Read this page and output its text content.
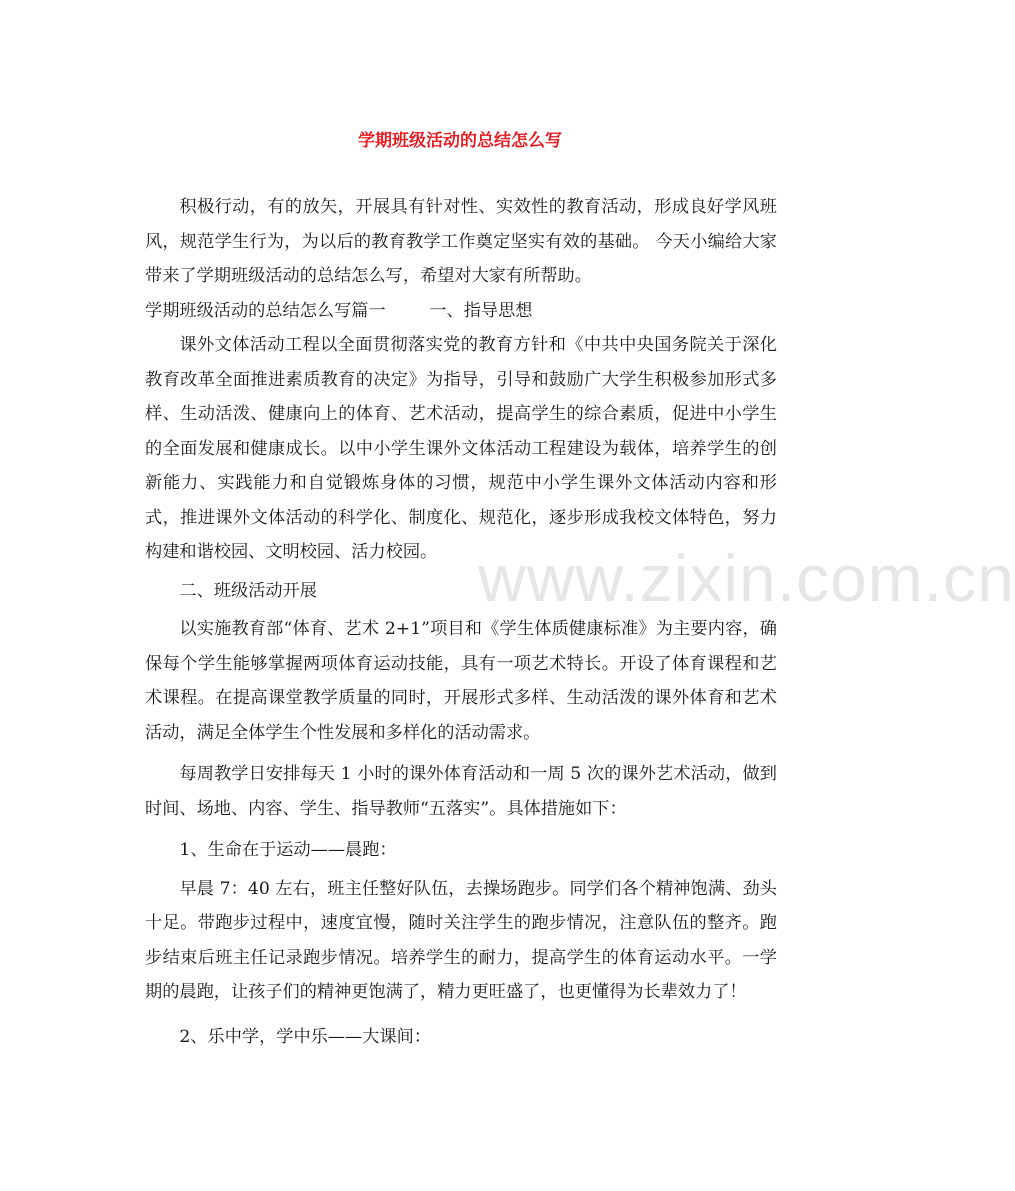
学期班级活动的总结怎么写
www.zixin.com.cn

积极行动，有的放矢，开展具有针对性、实效性的教育活动，形成良好学风班风，规范学生行为，为以后的教育教学工作奠定坚实有效的基础。 今天小编给大家带来了学期班级活动的总结怎么写，希望对大家有所帮助。

学期班级活动的总结怎么写篇一        一、指导思想

课外文体活动工程以全面贯彻落实党的教育方针和《中共中央国务院关于深化教育改革全面推进素质教育的决定》为指导，引导和鼓励广大学生积极参加形式多样、生动活泼、健康向上的体育、艺术活动，提高学生的综合素质，促进中小学生的全面发展和健康成长。以中小学生课外文体活动工程建设为载体，培养学生的创新能力、实践能力和自觉锻炼身体的习惯，规范中小学生课外文体活动内容和形式，推进课外文体活动的科学化、制度化、规范化，逐步形成我校文体特色，努力构建和谐校园、文明校园、活力校园。

二、班级活动开展

以实施教育部“体育、艺术 2+1”项目和《学生体质健康标准》为主要内容，确保每个学生能够掌握两项体育运动技能，具有一项艺术特长。开设了体育课程和艺术课程。在提高课堂教学质量的同时，开展形式多样、生动活泼的课外体育和艺术活动，满足全体学生个性发展和多样化的活动需求。

每周教学日安排每天 1 小时的课外体育活动和一周 5 次的课外艺术活动，做到时间、场地、内容、学生、指导教师“五落实”。具体措施如下：

1、生命在于运动——晨跑：

早晨 7：40 左右，班主任整好队伍，去操场跑步。同学们各个精神饱满、劲头十足。带跑步过程中，速度宜慢，随时关注学生的跑步情况，注意队伍的整齐。跑步结束后班主任记录跑步情况。培养学生的耐力，提高学生的体育运动水平。一学期的晨跑，让孩子们的精神更饱满了，精力更旺盛了，也更懂得为长辈效力了！

2、乐中学，学中乐——大课间：
